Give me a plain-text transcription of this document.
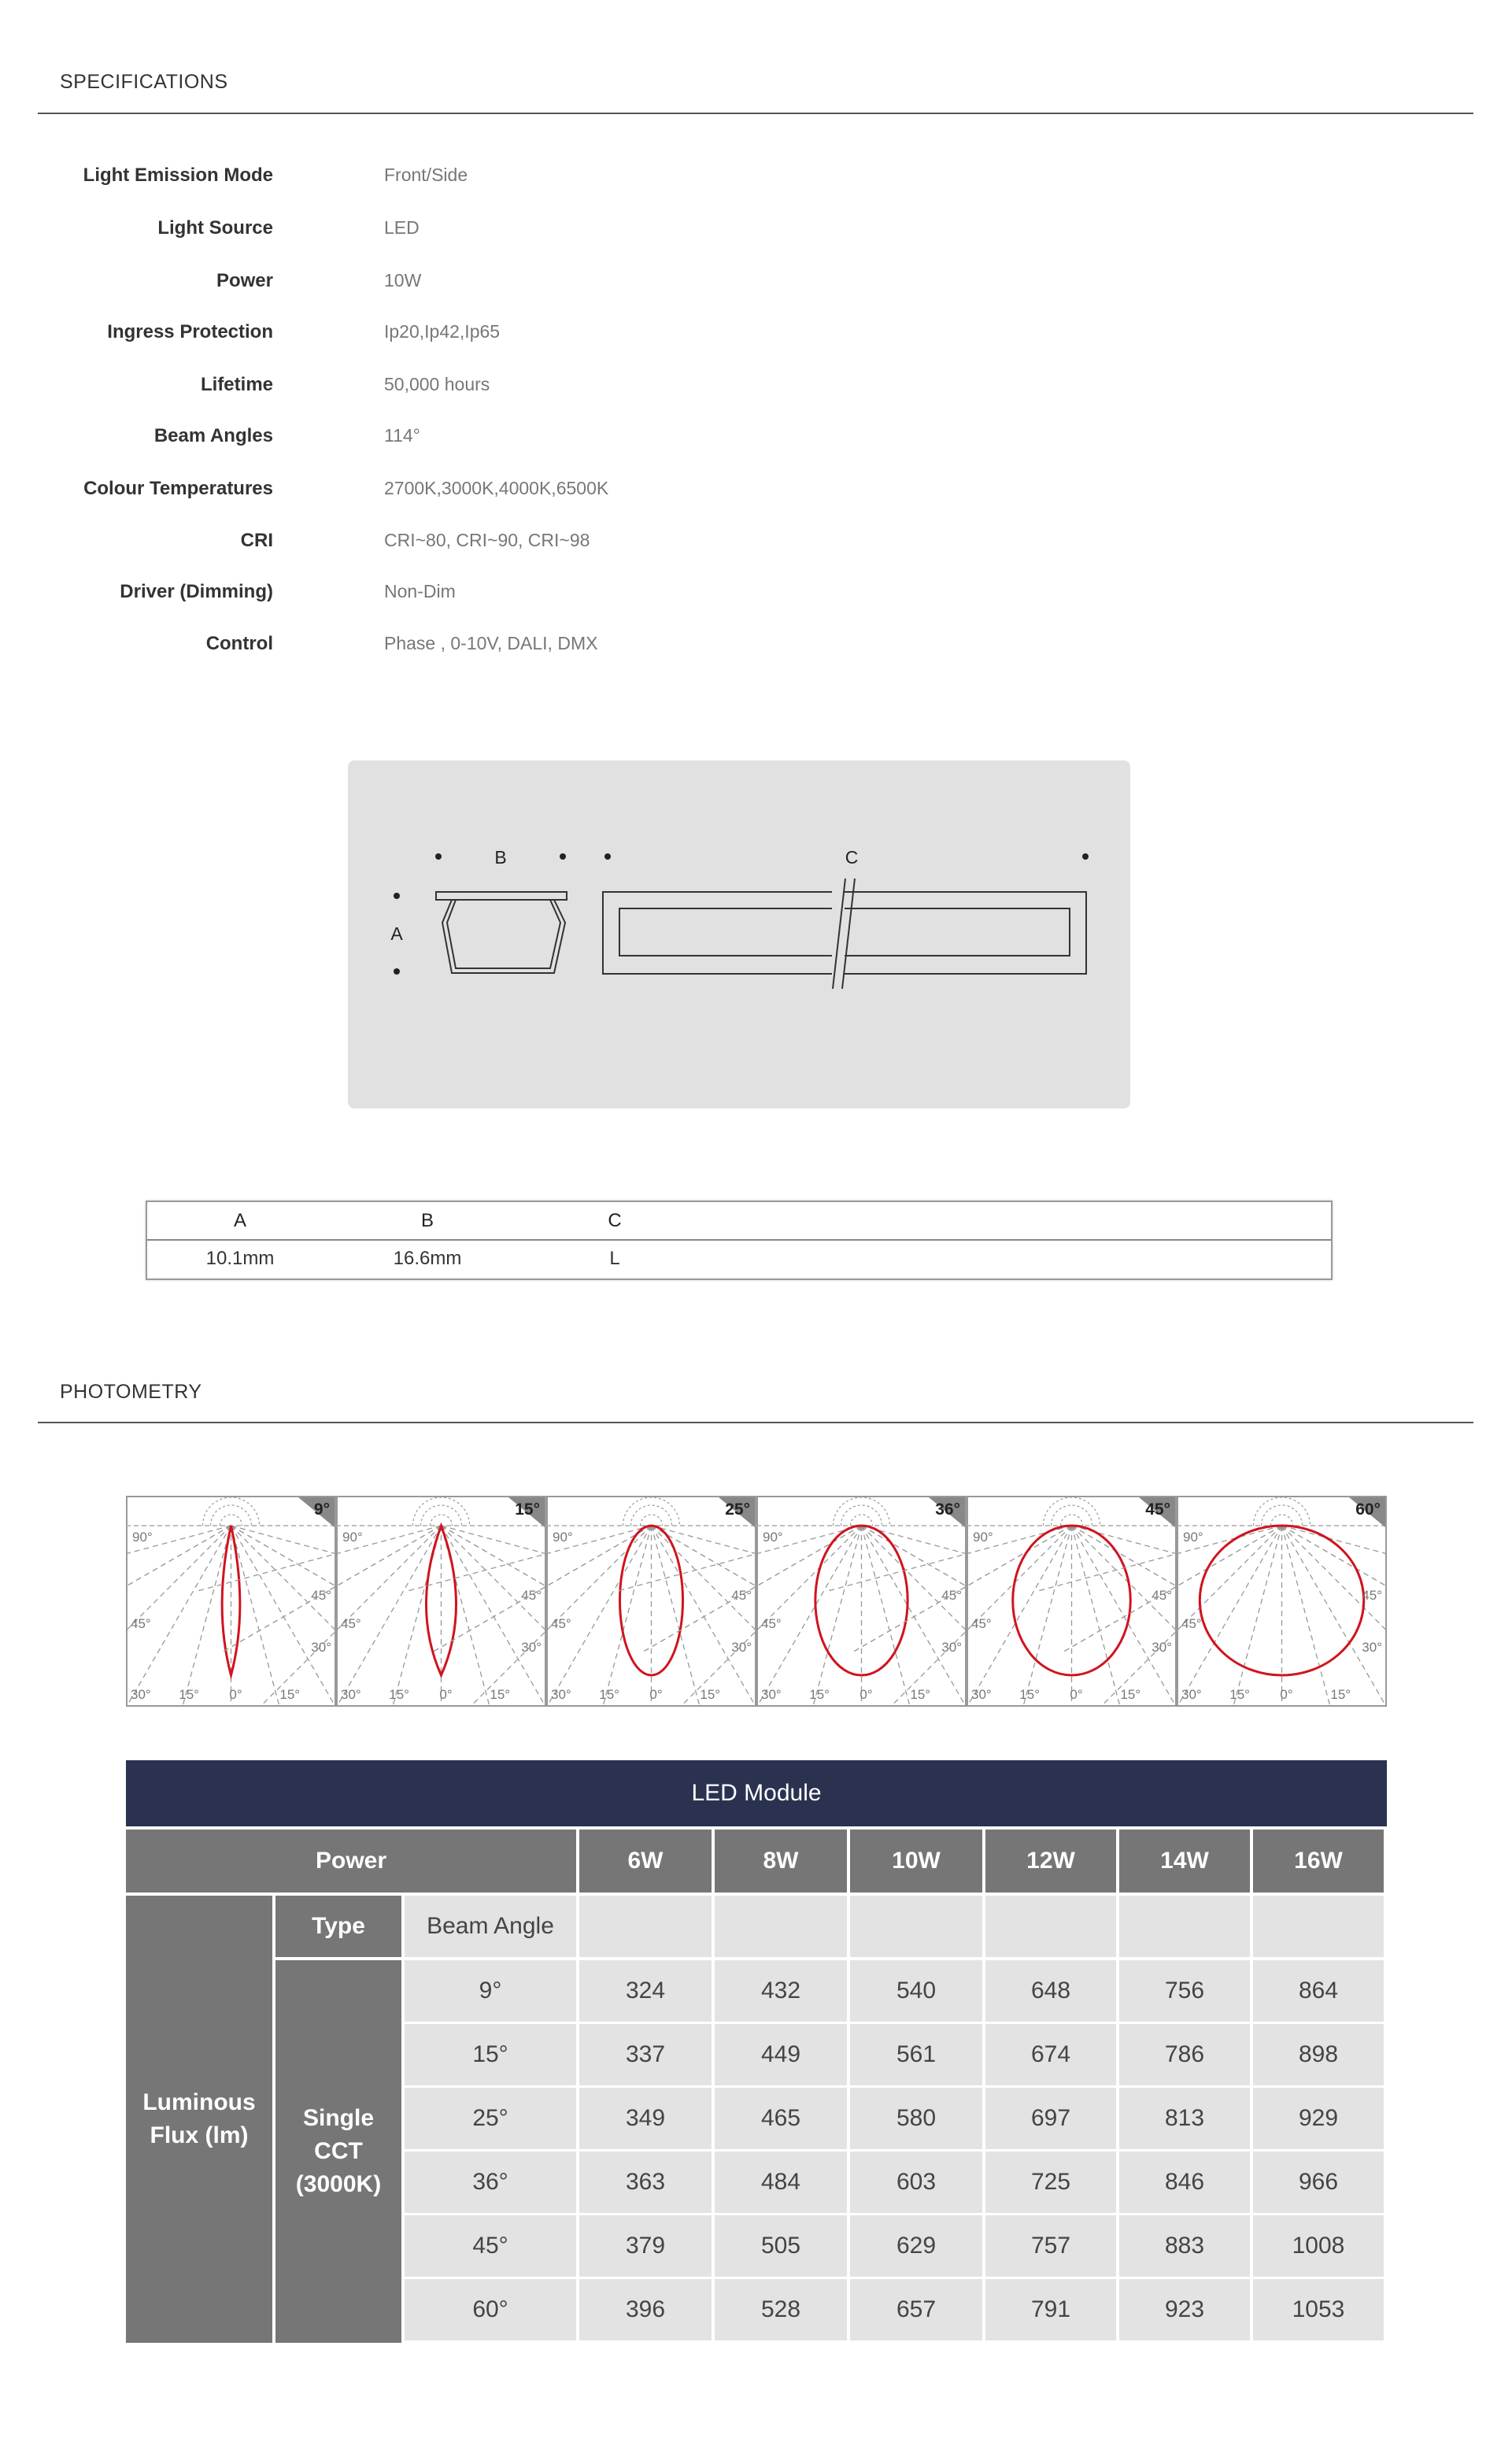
SPECIFICATIONS
Light Emission Mode	Front/Side
Light Source	LED
Power	10W
Ingress Protection	Ip20,Ip42,Ip65
Lifetime	50,000 hours
Beam Angles	114°
Colour Temperatures	2700K,3000K,4000K,6500K
CRI	CRI~80, CRI~90, CRI~98
Driver (Dimming)	Non-Dim
Control	Phase , 0-10V, DALI, DMX
B	C
A
A	B	C
10.1mm	16.6mm	L
PHOTOMETRY
9°
90°
45°
45°
30°
30° 15° 0°	15°
15°
90°
45°
45°
30°
30° 15° 0°	15°
25°
90°
45°
45°
30°
30° 15° 0°	15°
36°
90°
45°
45°
30°
30° 15° 0°	15°
45°
90°
45°
45°
30°
30° 15° 0°	15°
60°
90°
45°
45°
30°
30° 15° 0°	15°
LED Module
Power	6W	8W	10W	12W	14W	16W
Type	Beam Angle
Luminous Flux (lm)
Single CCT (3000K)
9°	324	432	540	648	756	864
15°	337	449	561	674	786	898
25°	349	465	580	697	813	929
36°	363	484	603	725	846	966
45°	379	505	629	757	883	1008
60°	396	528	657	791	923	1053
